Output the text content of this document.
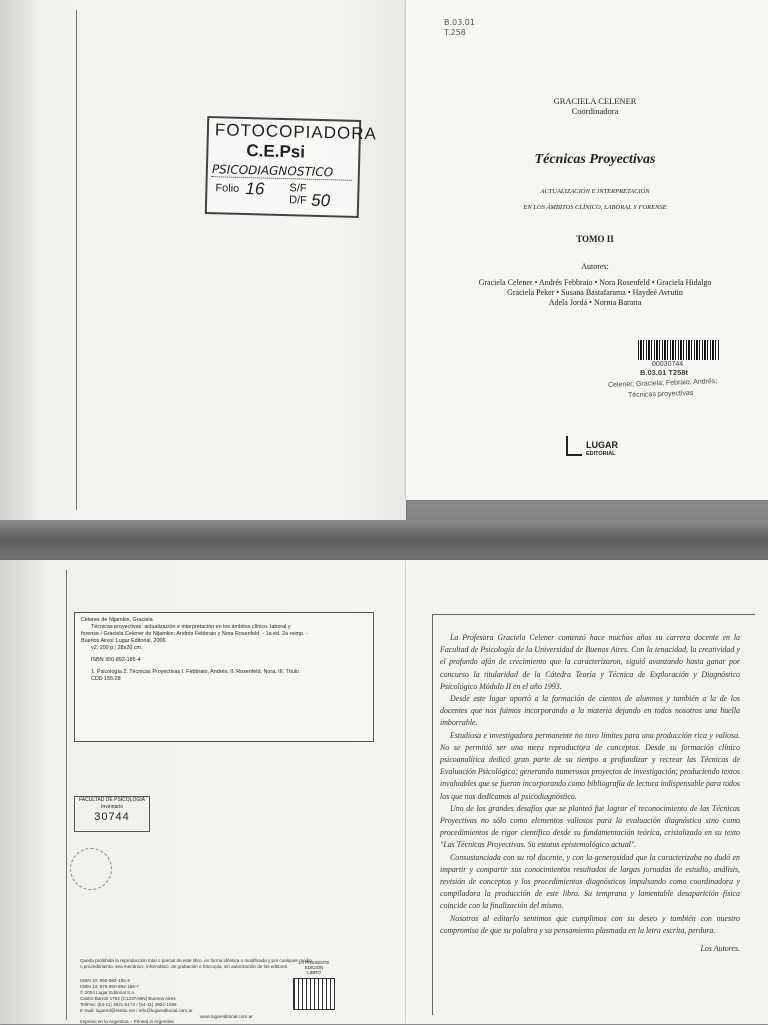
FOTOCOPIADORA
C.E.Psi
PSICODIAGNOSTICO
Folio 16 S/F
D/F 50
B.03.01
T.258
GRACIELA CELENER
Coordinadora
Técnicas Proyectivas
ACTUALIZACIÓN E INTERPRETACIÓN
EN LOS ÁMBITOS CLÍNICO, LABORAL Y FORENSE
TOMO II
Autores:
Graciela Celener • Andrés Febbraio • Nora Rosenfeld • Graciela Hidalgo
Graciela Peker • Susana Bastafarama • Haydeé Avrutin
Adela Jordá • Norma Baratta
00030744
B.03.01 T258t
Celener, Graciela; Febraio, Andrés;
Técnicas proyectivas
LUGAR
EDITORIAL
Celener de Nijamkin, Graciela
Técnicas proyectivas: actualización e interpretación en los ámbitos clínico, laboral y
forense / Graciela Celener de Nijamkin; Andrés Febbraio y Nora Rosenfeld. - 1a ed. 2a reimp. -
Buenos Aires: Lugar Editorial, 2006.
v2, 200 p.; 28x20 cm.
ISBN 950-892-185-4
1. Psicología 2. Técnicas Proyectivas I. Febbraio, Andrés, II. Rosenfeld, Nora, III. Título
CDD 155.28
FACULTAD DE PSICOLOGIA
Inventario
30744
Queda prohibida la reproducción total o parcial de este libro, en forma idéntica o modificada y por cualquier medio
o procedimiento, sea mecánico, informático, de grabación o fotocopia, sin autorización de los editores.
ISBN 10: 950-892-185-4
ISBN 13: 978-950-892-185-7
© 2004 Lugar Editorial S.A.
Castro Barros 1754 (C1237ABN) Buenos Aires
Tel/Fax: (54-11) 4921-5174 / (54-11) 4924-1555
E-mail: lugared@elsitio.net / info@lugareditorial.com.ar
www.lugareditorial.com.ar
Impreso en la Argentina – Printed in Argentina
LA PRESENTE
EDICIÓN
LIBRO

La Profesora Graciela Celener comenzó hace muchos años su carrera docente en la Facultad de Psicología de la Universidad de Buenos Aires. Con la tenacidad, la creatividad y el profundo afán de crecimiento que la caracterizaron, siguió avanzando hasta ganar por concurso la titularidad de la Cátedra Teoría y Técnica de Exploración y Diagnóstico Psicológico Módulo II en el año 1993.

Desde este lugar aportó a la formación de cientos de alumnos y también a la de los docentes que nos fuimos incorporando a la materia dejando en todos nosotros una huella imborrable.

Estudiosa e investigadora permanente no tuvo límites para una producción rica y valiosa. No se permitió ser una mera reproductora de conceptos. Desde su formación clínico psicoanalítica dedicó gran parte de su tiempo a profundizar y recrear las Técnicas de Evaluación Psicológica; generando numerosos proyectos de investigación; produciendo textos invaluables que se fueron incorporando como bibliografía de lectura indispensable para todos los que nos dedicamos al psicodiagnóstico.

Uno de los grandes desafíos que se planteó fue lograr el reconocimiento de las Técnicas Proyectivas no sólo como elementos valiosos para la evaluación diagnóstica sino como procedimientos de rigor científico desde su fundamentación teórica, cristalizado en su texto "Las Técnicas Proyectivas. Su estatus epistemológico actual".

Consustanciada con su rol docente, y con la generosidad que la caracterizaba no dudó en impartir y compartir sus conocimientos resultados de largas jornadas de estudio, análisis, revisión de conceptos y los procedimientos diagnósticos impulsando como coordinadora y compiladora la producción de este libro. Su temprana y lamentable desaparición física coincide con la finalización del mismo.

Nosotros al editarlo sentimos que cumplimos con su deseo y también con nuestro compromiso de que su palabra y su pensamiento plasmada en la letra escrita, perdura.

Los Autores.
